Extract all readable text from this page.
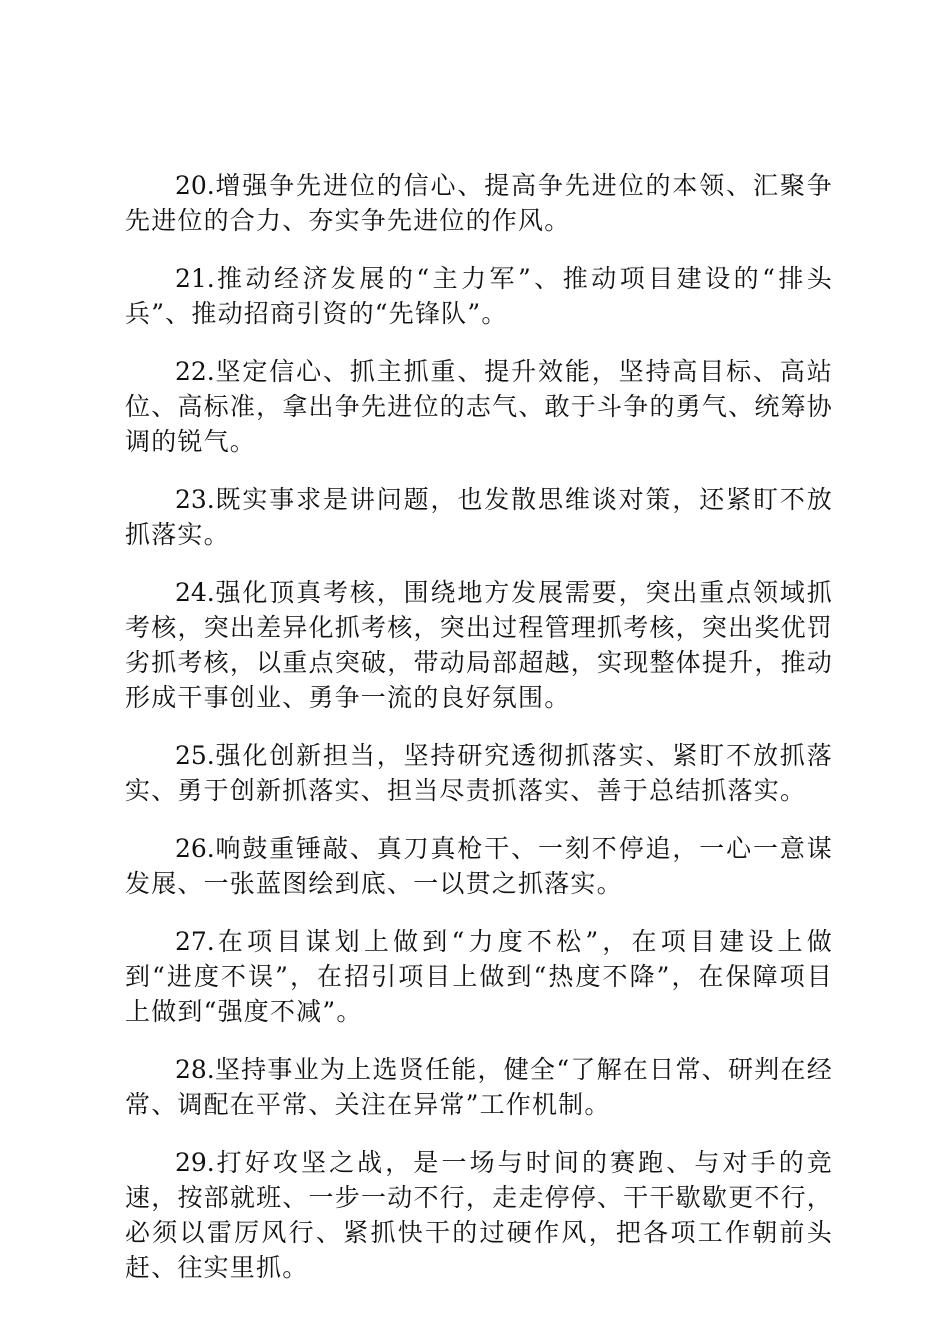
20.增强争先进位的信心、提高争先进位的本领、汇聚争先进位的合力、夯实争先进位的作风。

21.推动经济发展的“主力军”、推动项目建设的“排头兵”、推动招商引资的“先锋队”。

22.坚定信心、抓主抓重、提升效能，坚持高目标、高站位、高标准，拿出争先进位的志气、敢于斗争的勇气、统筹协调的锐气。

23.既实事求是讲问题，也发散思维谈对策，还紧盯不放抓落实。

24.强化顶真考核，围绕地方发展需要，突出重点领域抓考核，突出差异化抓考核，突出过程管理抓考核，突出奖优罚劣抓考核，以重点突破，带动局部超越，实现整体提升，推动形成干事创业、勇争一流的良好氛围。

25.强化创新担当，坚持研究透彻抓落实、紧盯不放抓落实、勇于创新抓落实、担当尽责抓落实、善于总结抓落实。

26.响鼓重锤敲、真刀真枪干、一刻不停追，一心一意谋发展、一张蓝图绘到底、一以贯之抓落实。

27.在项目谋划上做到“力度不松”，在项目建设上做到“进度不误”，在招引项目上做到“热度不降”，在保障项目上做到“强度不减”。

28.坚持事业为上选贤任能，健全“了解在日常、研判在经常、调配在平常、关注在异常”工作机制。

29.打好攻坚之战，是一场与时间的赛跑、与对手的竞速，按部就班、一步一动不行，走走停停、干干歇歇更不行，必须以雷厉风行、紧抓快干的过硬作风，把各项工作朝前头赶、往实里抓。
